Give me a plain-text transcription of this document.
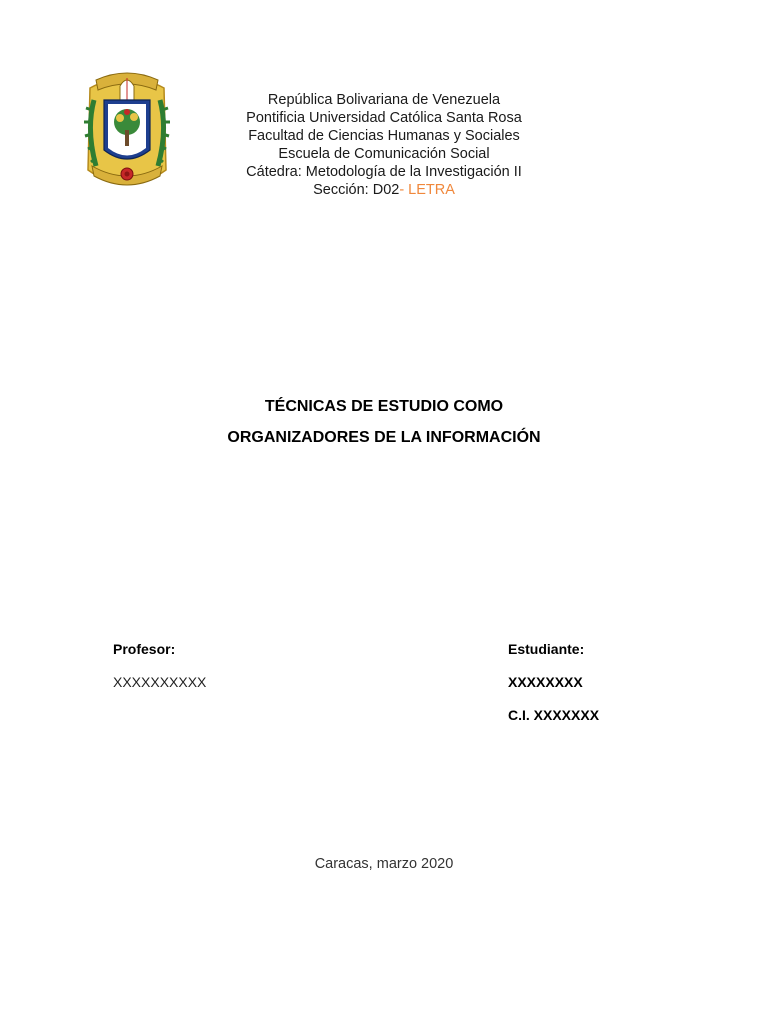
República Bolivariana de Venezuela
Pontificia Universidad Católica Santa Rosa
Facultad de Ciencias Humanas y Sociales
Escuela de Comunicación Social
Cátedra: Metodología de la Investigación II
Sección: D02- LETRA
TÉCNICAS DE ESTUDIO COMO
ORGANIZADORES DE LA INFORMACIÓN
Profesor:
XXXXXXXXXX
Estudiante:
XXXXXXXX
C.I. XXXXXXX
Caracas, marzo 2020
